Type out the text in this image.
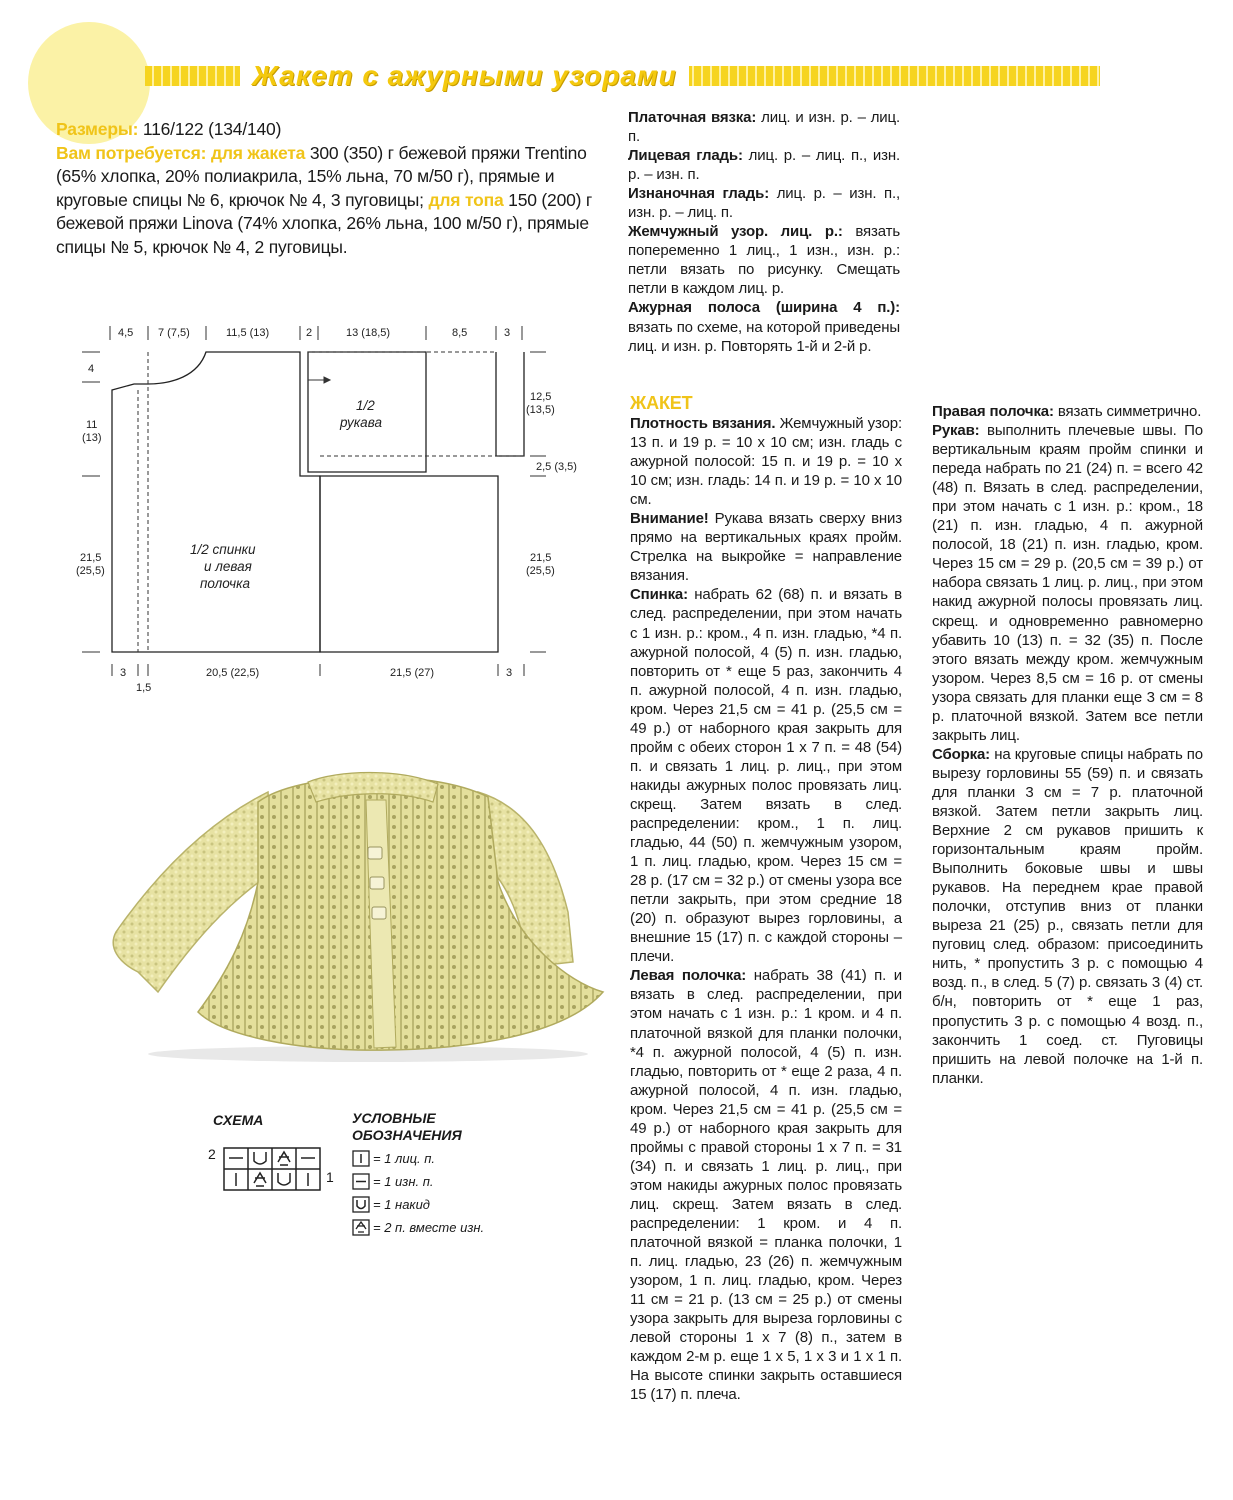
Жакет с ажурными узорами
Размеры: 116/122 (134/140)
Вам потребуется: для жакета 300 (350) г бежевой пряжи Trentino (65% хлопка, 20% полиакрила, 15% льна, 70 м/50 г), прямые и круговые спицы № 6, крючок № 4, 3 пуговицы; для топа 150 (200) г бежевой пряжи Linova (74% хлопка, 26% льна, 100 м/50 г), прямые спицы № 5, крючок № 4, 2 пуговицы.
4,5 7 (7,5)	11,5 (13)	2	13 (18,5)	8,5	3
4
11
(13)
21,5
(25,5)
12,5
(13,5)
2,5 (3,5)
21,5
(25,5)
3
1,5
20,5 (22,5)	21,5 (27)	3
1/2
рукава
1/2 спинки
и левая
полочка
СХЕМА
2
1
УСЛОВНЫЕ
ОБОЗНАЧЕНИЯ
= 1 лиц. п.
= 1 изн. п.
= 1 накид
= 2 п. вместе изн.

Платочная вязка: лиц. и изн. р. – лиц. п.

Лицевая гладь: лиц. р. – лиц. п., изн. р. – изн. п.

Изнаночная гладь: лиц. р. – изн. п., изн. р. – лиц. п.

Жемчужный узор. лиц. р.: вязать попеременно 1 лиц., 1 изн., изн. р.: петли вязать по рисунку. Смещать петли в каждом лиц. р.

Ажурная полоса (ширина 4 п.): вязать по схеме, на которой приведены лиц. и изн. р. Повторять 1-й и 2-й р.

ЖАКЕТ

Плотность вязания. Жемчужный узор: 13 п. и 19 р. = 10 х 10 см; изн. гладь с ажурной полосой: 15 п. и 19 р. = 10 х 10 см; изн. гладь: 14 п. и 19 р. = 10 х 10 см.

Внимание! Рукава вязать сверху вниз прямо на вертикальных краях пройм. Стрелка на выкройке = направление вязания.

Спинка: набрать 62 (68) п. и вязать в след. распределении, при этом начать с 1 изн. р.: кром., 4 п. изн. гладью, *4 п. ажурной полосой, 4 (5) п. изн. гладью, повторить от * еще 5 раз, закончить 4 п. ажурной полосой, 4 п. изн. гладью, кром. Через 21,5 см = 41 р. (25,5 см = 49 р.) от наборного края закрыть для пройм с обеих сторон 1 х 7 п. = 48 (54) п. и связать 1 лиц. р. лиц., при этом накиды ажурных полос провязать лиц. скрещ. Затем вязать в след. распределении: кром., 1 п. лиц. гладью, 44 (50) п. жемчужным узором, 1 п. лиц. гладью, кром. Через 15 см = 28 р. (17 см = 32 р.) от смены узора все петли закрыть, при этом средние 18 (20) п. образуют вырез горловины, а внешние 15 (17) п. с каждой стороны – плечи.

Левая полочка: набрать 38 (41) п. и вязать в след. распределении, при этом начать с 1 изн. р.: 1 кром. и 4 п. платочной вязкой для планки полочки, *4 п. ажурной полосой, 4 (5) п. изн. гладью, повторить от * еще 2 раза, 4 п. ажурной полосой, 4 п. изн. гладью, кром. Через 21,5 см = 41 р. (25,5 см = 49 р.) от наборного края закрыть для проймы с правой стороны 1 х 7 п. = 31 (34) п. и связать 1 лиц. р. лиц., при этом накиды ажурных полос провязать лиц. скрещ. Затем вязать в след. распределении: 1 кром. и 4 п. платочной вязкой = планка полочки, 1 п. лиц. гладью, 23 (26) п. жемчужным узором, 1 п. лиц. гладью, кром. Через 11 см = 21 р. (13 см = 25 р.) от смены узора закрыть для выреза горловины с левой стороны 1 х 7 (8) п., затем в каждом 2-м р. еще 1 х 5, 1 х 3 и 1 х 1 п. На высоте спинки закрыть оставшиеся 15 (17) п. плеча.

Правая полочка: вязать симметрично.

Рукав: выполнить плечевые швы. По вертикальным краям пройм спинки и переда набрать по 21 (24) п. = всего 42 (48) п. Вязать в след. распределении, при этом начать с 1 изн. р.: кром., 18 (21) п. изн. гладью, 4 п. ажурной полосой, 18 (21) п. изн. гладью, кром. Через 15 см = 29 р. (20,5 см = 39 р.) от набора связать 1 лиц. р. лиц., при этом накид ажурной полосы провязать лиц. скрещ. и одновременно равномерно убавить 10 (13) п. = 32 (35) п. После этого вязать между кром. жемчужным узором. Через 8,5 см = 16 р. от смены узора связать для планки еще 3 см = 8 р. платочной вязкой. Затем все петли закрыть лиц.

Сборка: на круговые спицы набрать по вырезу горловины 55 (59) п. и связать для планки 3 см = 7 р. платочной вязкой. Затем петли закрыть лиц. Верхние 2 см рукавов пришить к горизонтальным краям пройм. Выполнить боковые швы и швы рукавов. На переднем крае правой полочки, отступив вниз от планки выреза 21 (25) р., связать петли для пуговиц след. образом: присоединить нить, * пропустить 3 р. с помощью 4 возд. п., в след. 5 (7) р. связать 3 (4) ст. б/н, повторить от * еще 1 раз, пропустить 3 р. с помощью 4 возд. п., закончить 1 соед. ст. Пуговицы пришить на левой полочке на 1-й п. планки.
